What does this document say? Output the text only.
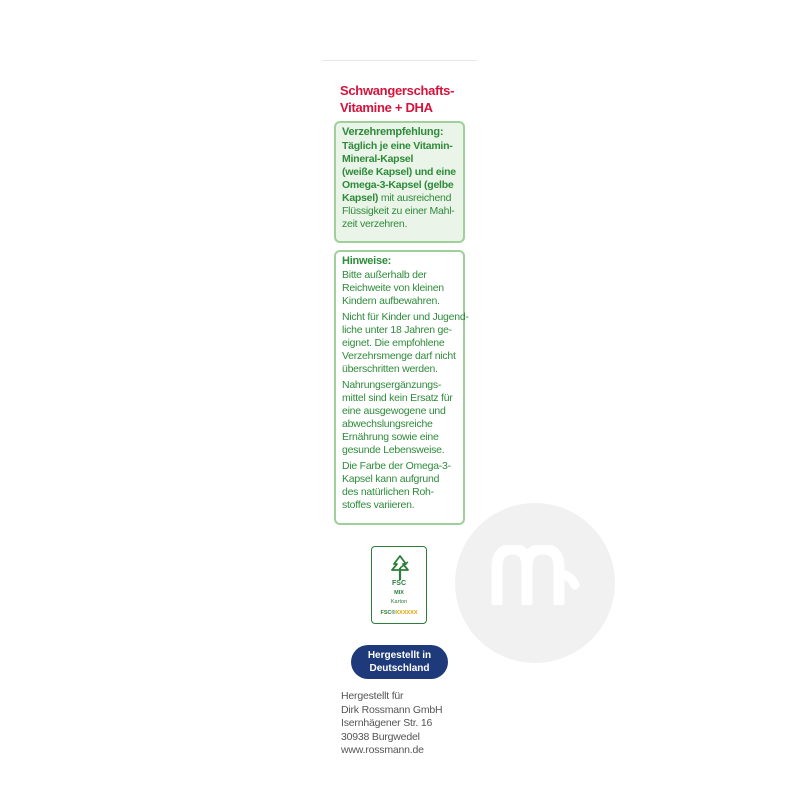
Schwangerschafts-
Vitamine + DHA
Verzehrempfehlung:
Täglich je eine Vitamin-
Mineral-Kapsel
(weiße Kapsel) und eine
Omega-3-Kapsel (gelbe
Kapsel) mit ausreichend
Flüssigkeit zu einer Mahl-
zeit verzehren.
Hinweise:
Bitte außerhalb der
Reichweite von kleinen
Kindern aufbewahren.
Nicht für Kinder und Jugend-
liche unter 18 Jahren ge-
eignet. Die empfohlene
Verzehrsmenge darf nicht
überschritten werden.
Nahrungsergänzungs-
mittel sind kein Ersatz für
eine ausgewogene und
abwechslungsreiche
Ernährung sowie eine
gesunde Lebensweise.
Die Farbe der Omega-3-
Kapsel kann aufgrund
des natürlichen Roh-
stoffes variieren.
FSC
MIX
Karton
FSC®XXXXXX
Hergestellt in
Deutschland
Hergestellt für
Dirk Rossmann GmbH
Isernhägener Str. 16
30938 Burgwedel
www.rossmann.de
